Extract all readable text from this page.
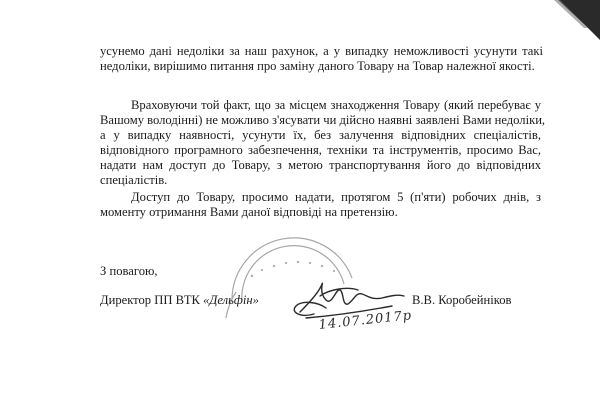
усунемо дані недоліки за наш рахунок, а у випадку неможливості усунути такі
недоліки, вирішимо питання про заміну даного Товару на Товар належної якості.
Враховуючи той факт, що за місцем знаходження Товару (який перебуває у
Вашому володінні) не можливо з'ясувати чи дійсно наявні заявлені Вами недоліки,
а у випадку наявності, усунути їх, без залучення відповідних спеціалістів,
відповідного програмного забезпечення, техніки та інструментів, просимо Вас,
надати нам доступ до Товару, з метою транспортування його до відповідних
спеціалістів.
Доступ до Товару, просимо надати, протягом 5 (п'яти) робочих днів, з
моменту отримання Вами даної відповіді на претензію.
З повагою,
Директор ПП ВТК «Дельфін»	В.В. Коробейніков
14.07.2017р
